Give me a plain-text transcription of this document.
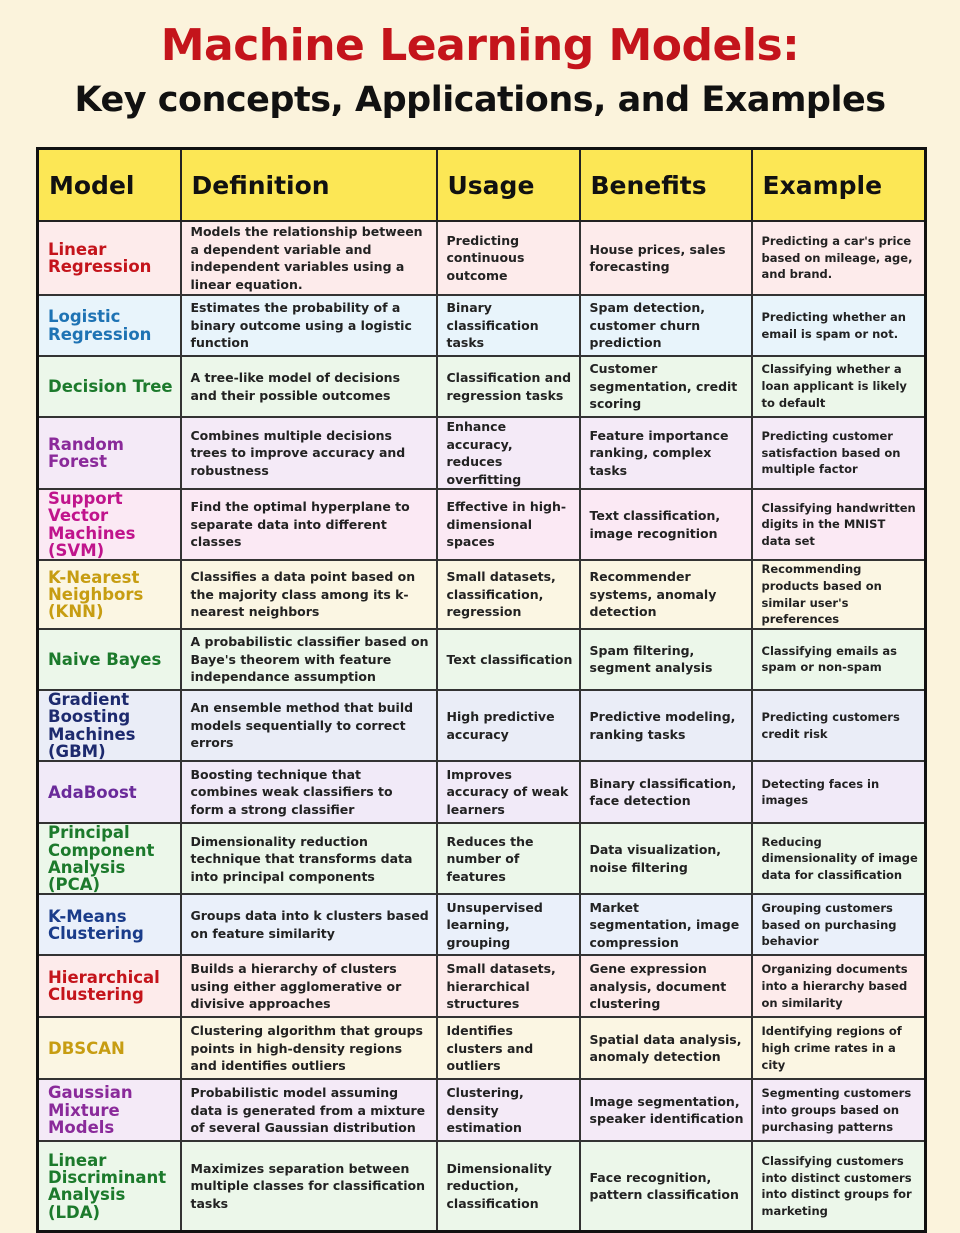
Machine Learning Models:
Key concepts, Applications, and Examples
Model	Definition	Usage	Benefits	Example
Linear Regression	Models the relationship between a dependent variable and independent variables using a linear equation.	Predicting continuous outcome	House prices, sales forecasting	Predicting a car's price based on mileage, age, and brand.
Logistic Regression	Estimates the probability of a binary outcome using a logistic function	Binary classification tasks	Spam detection, customer churn prediction	Predicting whether an email is spam or not.
Decision Tree	A tree-like model of decisions and their possible outcomes	Classification and regression tasks	Customer segmentation, credit scoring	Classifying whether a loan applicant is likely to default
Random Forest	Combines multiple decisions trees to improve accuracy and robustness	Enhance accuracy, reduces overfitting	Feature importance ranking, complex tasks	Predicting customer satisfaction based on multiple factor
Support Vector Machines (SVM)	Find the optimal hyperplane to separate data into different classes	Effective in high-dimensional spaces	Text classification, image recognition	Classifying handwritten digits in the MNIST data set
K-Nearest Neighbors (KNN)	Classifies a data point based on the majority class among its k-nearest neighbors	Small datasets, classification, regression	Recommender systems, anomaly detection	Recommending products based on similar user's preferences
Naive Bayes	A probabilistic classifier based on Baye's theorem with feature independance assumption	Text classification	Spam filtering, segment analysis	Classifying emails as spam or non-spam
Gradient Boosting Machines (GBM)	An ensemble method that build models sequentially to correct errors	High predictive accuracy	Predictive modeling, ranking tasks	Predicting customers credit risk
AdaBoost	Boosting technique that combines weak classifiers to form a strong classifier	Improves accuracy of weak learners	Binary classification, face detection	Detecting faces in images
Principal Component Analysis (PCA)	Dimensionality reduction technique that transforms data into principal components	Reduces the number of features	Data visualization, noise filtering	Reducing dimensionality of image data for classification
K-Means Clustering	Groups data into k clusters based on feature similarity	Unsupervised learning, grouping	Market segmentation, image compression	Grouping customers based on purchasing behavior
Hierarchical Clustering	Builds a hierarchy of clusters using either agglomerative or divisive approaches	Small datasets, hierarchical structures	Gene expression analysis, document clustering	Organizing documents into a hierarchy based on similarity
DBSCAN	Clustering algorithm that groups points in high-density regions and identifies outliers	Identifies clusters and outliers	Spatial data analysis, anomaly detection	Identifying regions of high crime rates in a city
Gaussian Mixture Models	Probabilistic model assuming data is generated from a mixture of several Gaussian distribution	Clustering, density estimation	Image segmentation, speaker identification	Segmenting customers into groups based on purchasing patterns
Linear Discriminant Analysis (LDA)	Maximizes separation between multiple classes for classification tasks	Dimensionality reduction, classification	Face recognition, pattern classification	Classifying customers into distinct customers into distinct groups for marketing
